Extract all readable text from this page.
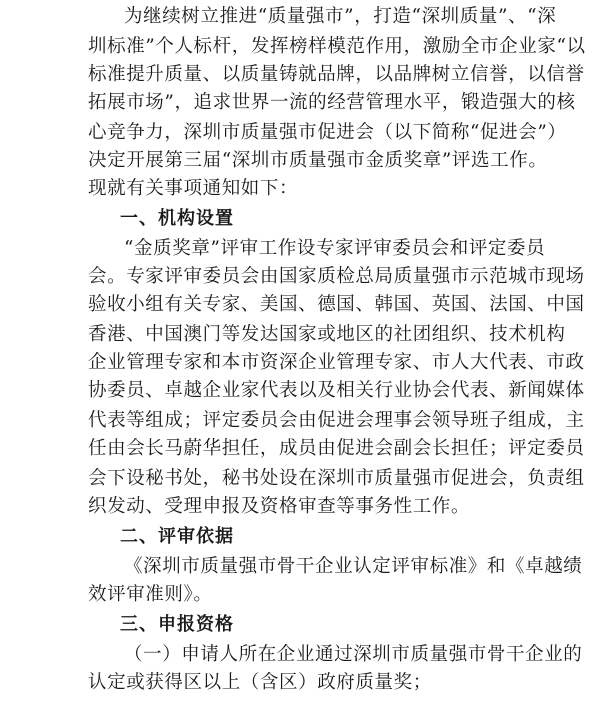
为继续树立推进“质量强市”，打造“深圳质量”、“深
圳标准”个人标杆，发挥榜样模范作用，激励全市企业家“以
标准提升质量、以质量铸就品牌，以品牌树立信誉，以信誉
拓展市场”，追求世界一流的经营管理水平，锻造强大的核
心竞争力，深圳市质量强市促进会（以下简称“促进会”）
决定开展第三届“深圳市质量强市金质奖章”评选工作。
现就有关事项通知如下：
一、机构设置
“金质奖章”评审工作设专家评审委员会和评定委员
会。专家评审委员会由国家质检总局质量强市示范城市现场
验收小组有关专家、美国、德国、韩国、英国、法国、中国
香港、中国澳门等发达国家或地区的社团组织、技术机构
企业管理专家和本市资深企业管理专家、市人大代表、市政
协委员、卓越企业家代表以及相关行业协会代表、新闻媒体
代表等组成；评定委员会由促进会理事会领导班子组成，主
任由会长马蔚华担任，成员由促进会副会长担任；评定委员
会下设秘书处，秘书处设在深圳市质量强市促进会，负责组
织发动、受理申报及资格审查等事务性工作。
二、评审依据
《深圳市质量强市骨干企业认定评审标准》和《卓越绩
效评审准则》。
三、申报资格
（一）申请人所在企业通过深圳市质量强市骨干企业的
认定或获得区以上（含区）政府质量奖；
